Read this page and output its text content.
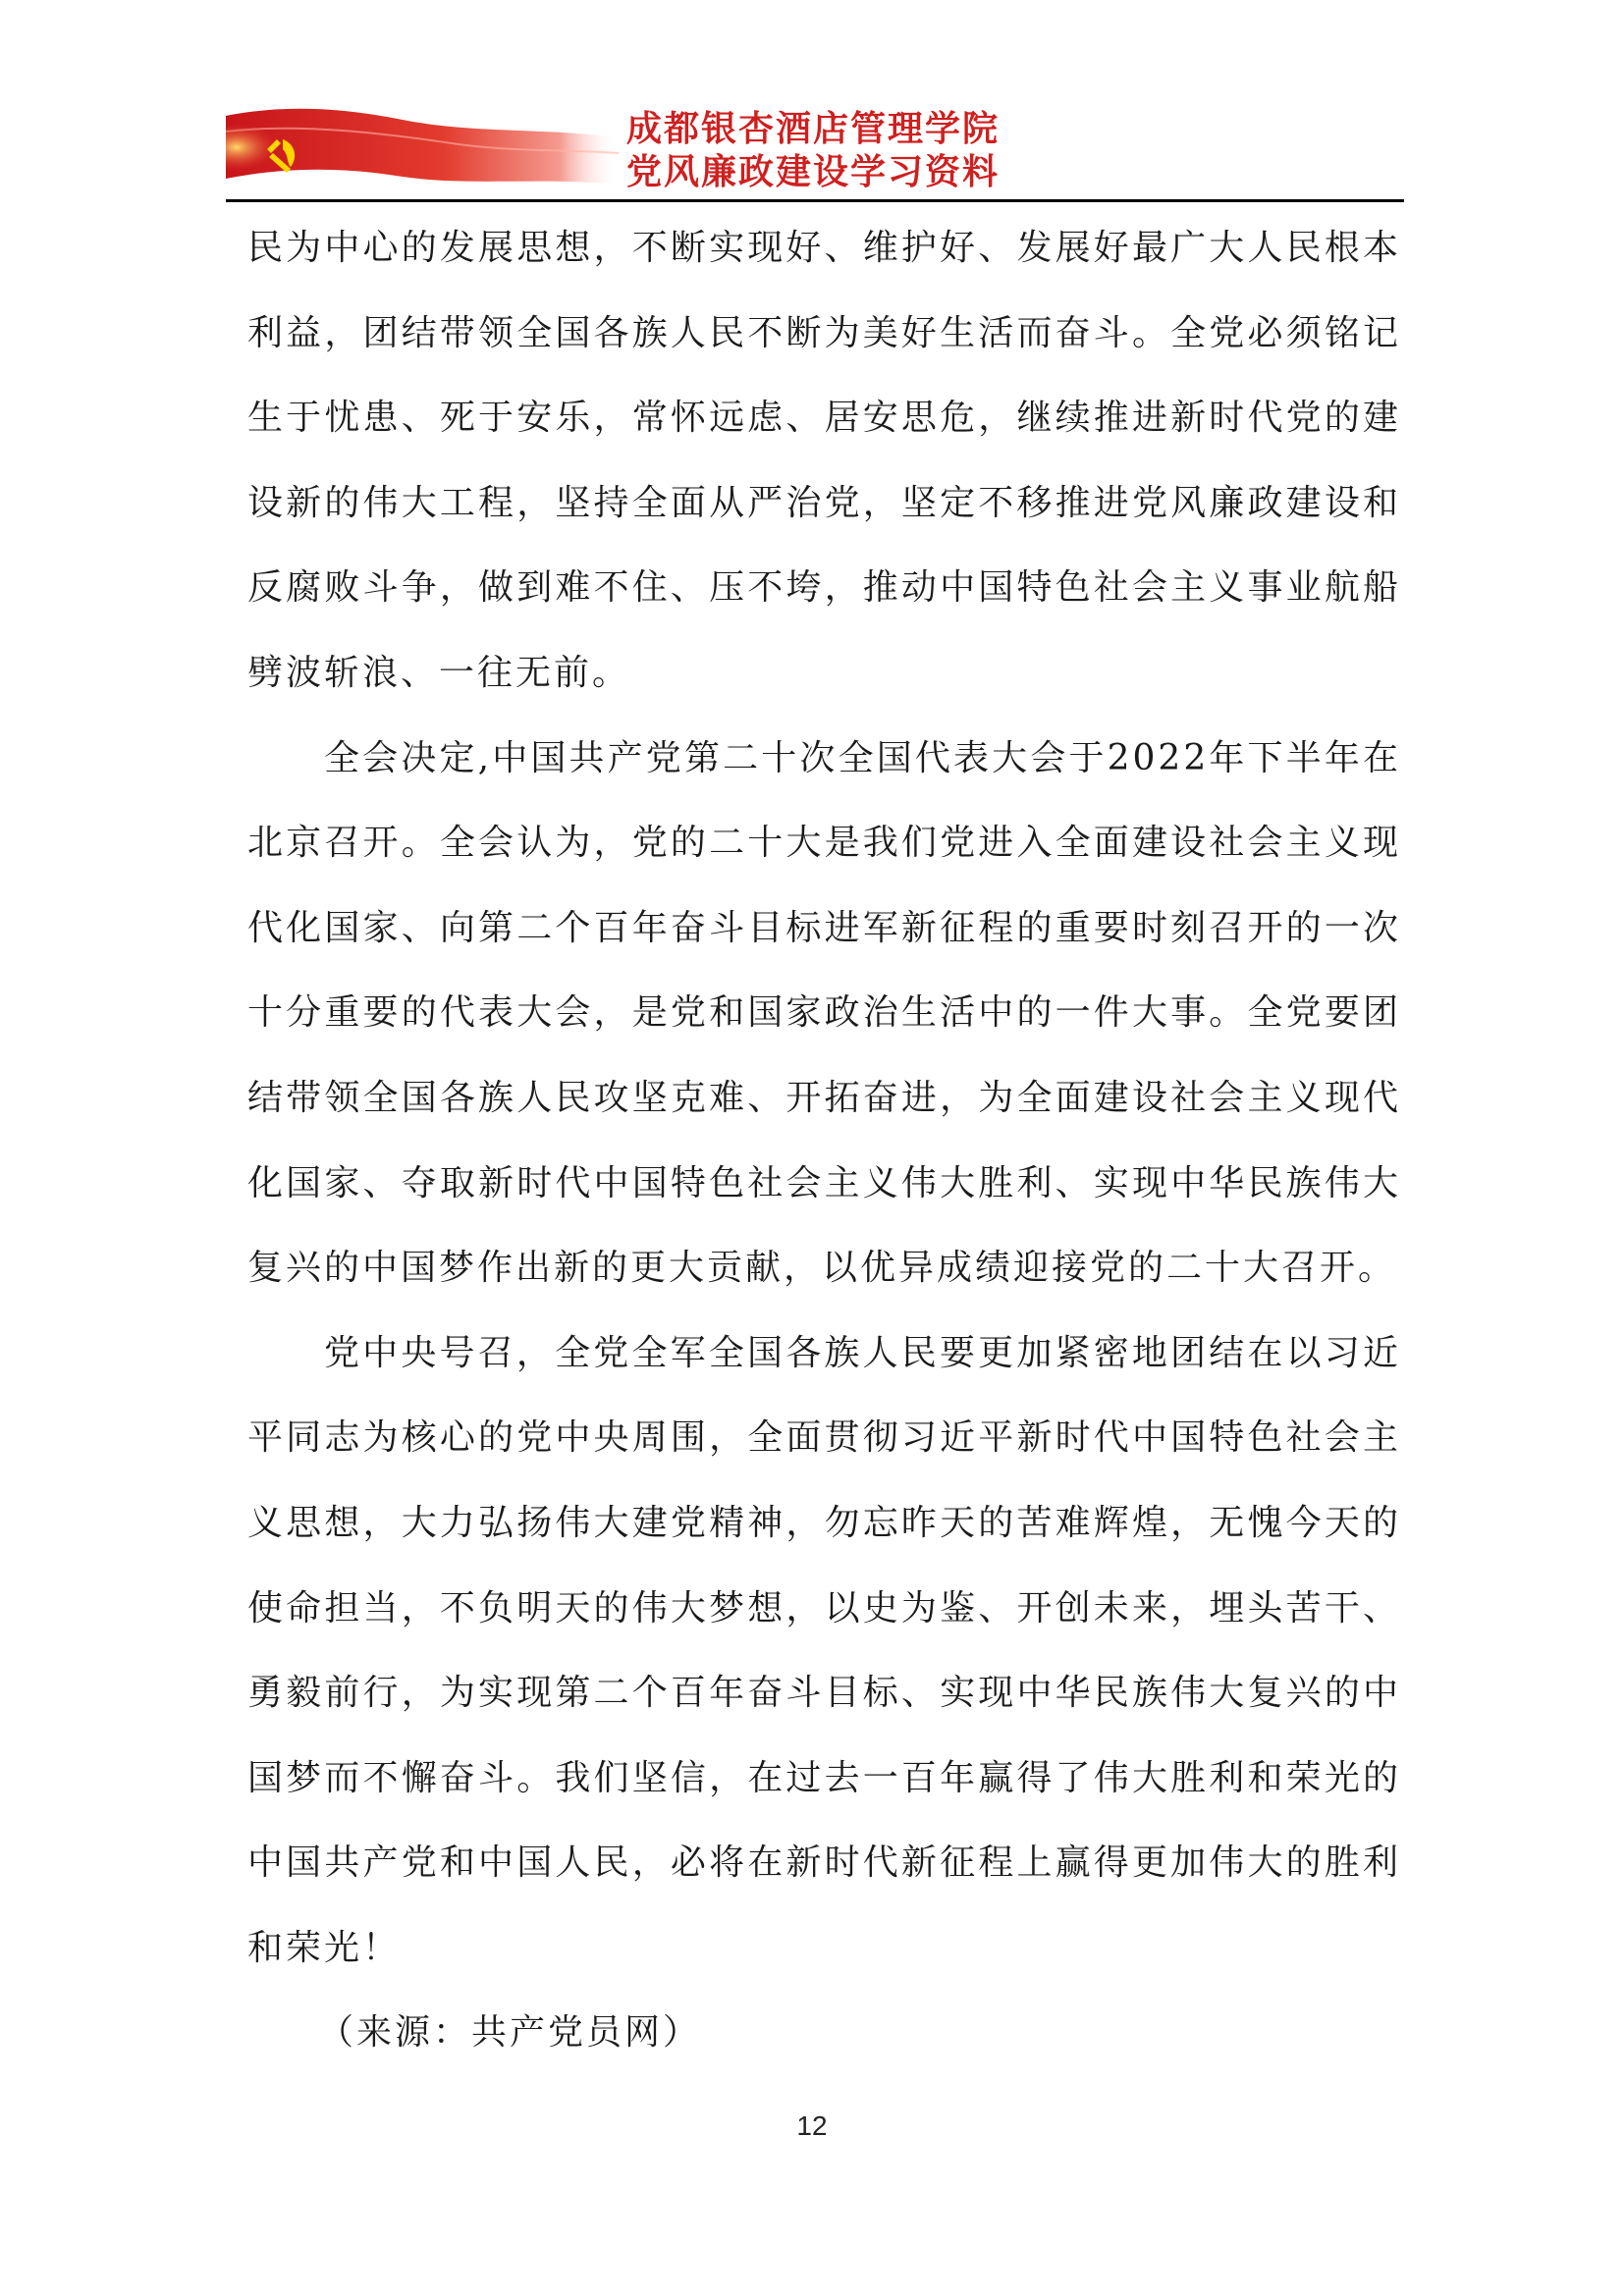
成都银杏酒店管理学院
党风廉政建设学习资料

民为中心的发展思想，不断实现好、维护好、发展好最广大人民根本利益，团结带领全国各族人民不断为美好生活而奋斗。全党必须铭记生于忧患、死于安乐，常怀远虑、居安思危，继续推进新时代党的建设新的伟大工程，坚持全面从严治党，坚定不移推进党风廉政建设和反腐败斗争，做到难不住、压不垮，推动中国特色社会主义事业航船劈波斩浪、一往无前。

全会决定,中国共产党第二十次全国代表大会于2022年下半年在北京召开。全会认为，党的二十大是我们党进入全面建设社会主义现代化国家、向第二个百年奋斗目标进军新征程的重要时刻召开的一次十分重要的代表大会，是党和国家政治生活中的一件大事。全党要团结带领全国各族人民攻坚克难、开拓奋进，为全面建设社会主义现代化国家、夺取新时代中国特色社会主义伟大胜利、实现中华民族伟大复兴的中国梦作出新的更大贡献，以优异成绩迎接党的二十大召开。

党中央号召，全党全军全国各族人民要更加紧密地团结在以习近平同志为核心的党中央周围，全面贯彻习近平新时代中国特色社会主义思想，大力弘扬伟大建党精神，勿忘昨天的苦难辉煌，无愧今天的使命担当，不负明天的伟大梦想，以史为鉴、开创未来，埋头苦干、勇毅前行，为实现第二个百年奋斗目标、实现中华民族伟大复兴的中国梦而不懈奋斗。我们坚信，在过去一百年赢得了伟大胜利和荣光的中国共产党和中国人民，必将在新时代新征程上赢得更加伟大的胜利和荣光！

（来源：共产党员网）

12
